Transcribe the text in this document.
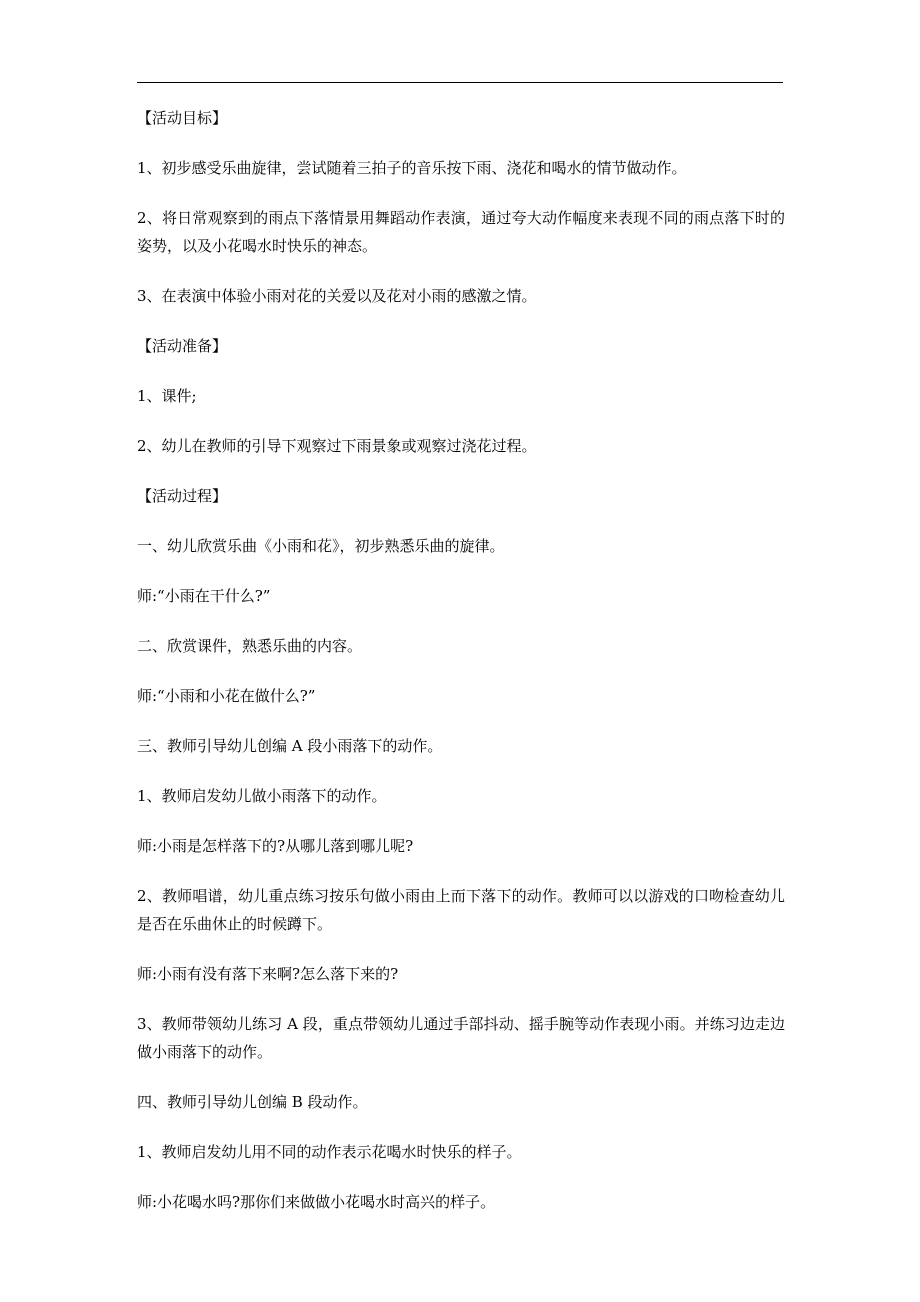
【活动目标】

1、初步感受乐曲旋律，尝试随着三拍子的音乐按下雨、浇花和喝水的情节做动作。

2、将日常观察到的雨点下落情景用舞蹈动作表演，通过夸大动作幅度来表现不同的雨点落下时的姿势，以及小花喝水时快乐的神态。

3、在表演中体验小雨对花的关爱以及花对小雨的感激之情。

【活动准备】

1、课件;

2、幼儿在教师的引导下观察过下雨景象或观察过浇花过程。

【活动过程】

一、幼儿欣赏乐曲《小雨和花》，初步熟悉乐曲的旋律。

师:“小雨在干什么?”

二、欣赏课件，熟悉乐曲的内容。

师:“小雨和小花在做什么?”

三、教师引导幼儿创编 A 段小雨落下的动作。

1、教师启发幼儿做小雨落下的动作。

师:小雨是怎样落下的?从哪儿落到哪儿呢?

2、教师唱谱，幼儿重点练习按乐句做小雨由上而下落下的动作。教师可以以游戏的口吻检查幼儿是否在乐曲休止的时候蹲下。

师:小雨有没有落下来啊?怎么落下来的?

3、教师带领幼儿练习 A 段，重点带领幼儿通过手部抖动、摇手腕等动作表现小雨。并练习边走边做小雨落下的动作。

四、教师引导幼儿创编 B 段动作。

1、教师启发幼儿用不同的动作表示花喝水时快乐的样子。

师:小花喝水吗?那你们来做做小花喝水时高兴的样子。
